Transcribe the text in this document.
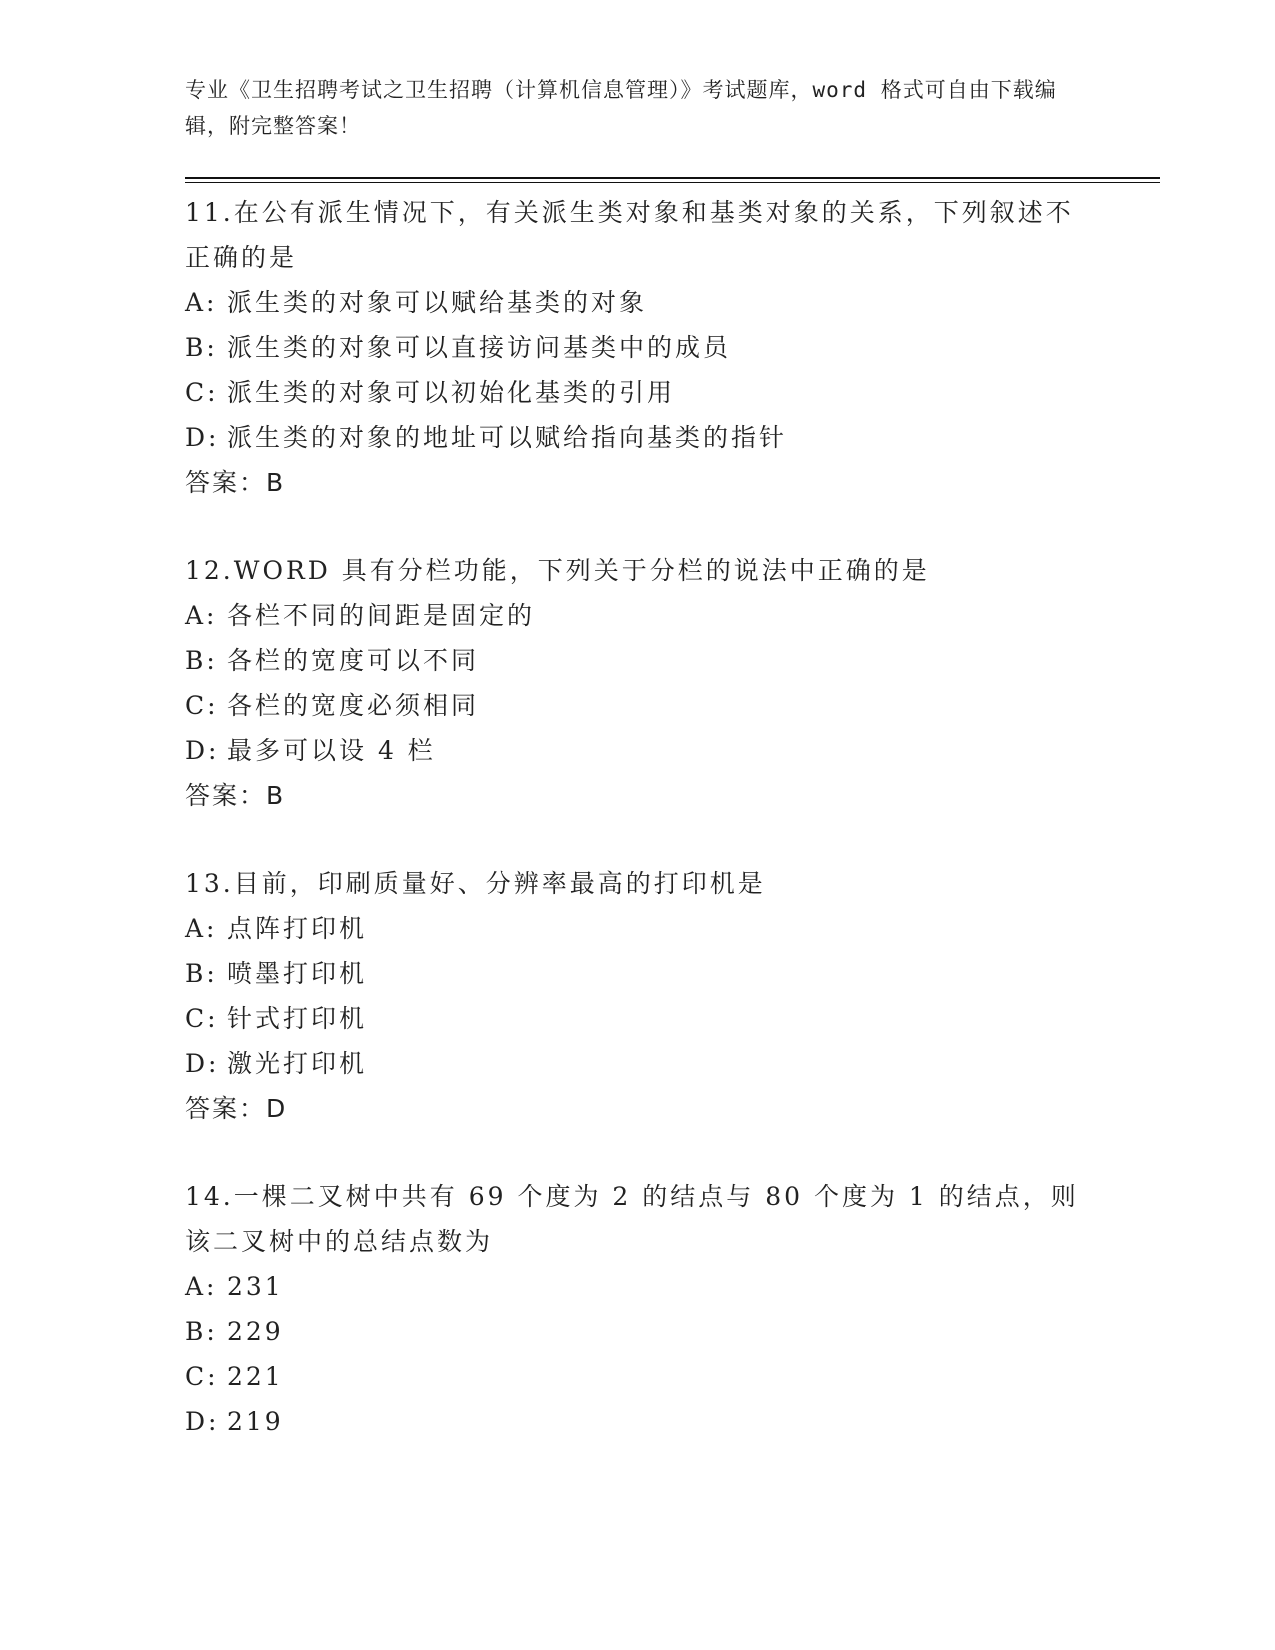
专业《卫生招聘考试之卫生招聘（计算机信息管理）》考试题库，word 格式可自由下载编辑，附完整答案！

11.在公有派生情况下，有关派生类对象和基类对象的关系，下列叙述不正确的是

A: 派生类的对象可以赋给基类的对象
B: 派生类的对象可以直接访问基类中的成员
C: 派生类的对象可以初始化基类的引用
D: 派生类的对象的地址可以赋给指向基类的指针

答案：B

12.WORD 具有分栏功能，下列关于分栏的说法中正确的是

A: 各栏不同的间距是固定的
B: 各栏的宽度可以不同
C: 各栏的宽度必须相同
D: 最多可以设 4 栏

答案：B

13.目前，印刷质量好、分辨率最高的打印机是

A: 点阵打印机
B: 喷墨打印机
C: 针式打印机
D: 激光打印机

答案：D

14.一棵二叉树中共有 69 个度为 2 的结点与 80 个度为 1 的结点，则该二叉树中的总结点数为

A: 231
B: 229
C: 221
D: 219
